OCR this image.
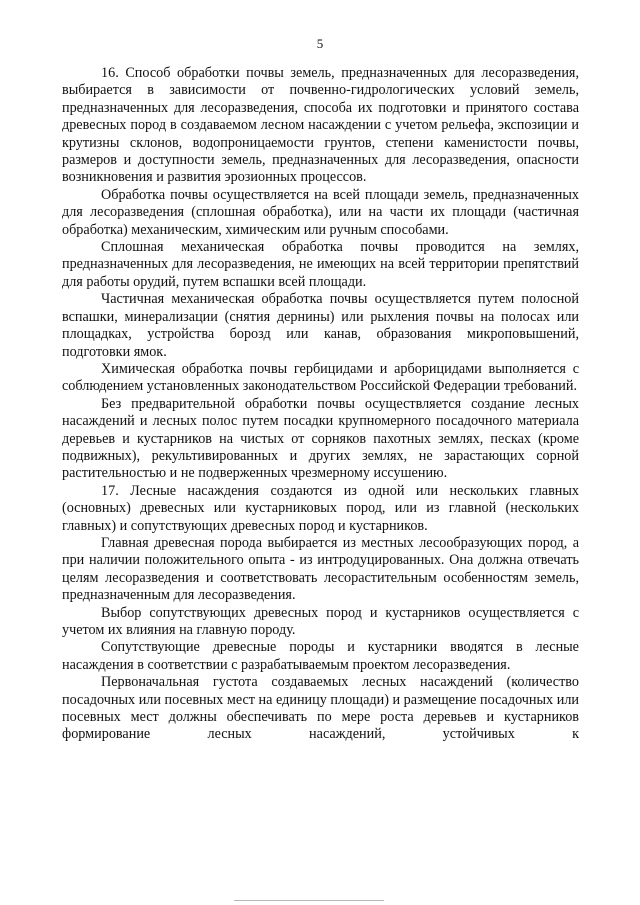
5

16. Способ обработки почвы земель, предназначенных для лесоразведения, выбирается в зависимости от почвенно-гидрологических условий земель, предназначенных для лесоразведения, способа их подготовки и принятого состава древесных пород в создаваемом лесном насаждении с учетом рельефа, экспозиции и крутизны склонов, водопроницаемости грунтов, степени каменистости почвы, размеров и доступности земель, предназначенных для лесоразведения, опасности возникновения и развития эрозионных процессов.

Обработка почвы осуществляется на всей площади земель, предназначенных для лесоразведения (сплошная обработка), или на части их площади (частичная обработка) механическим, химическим или ручным способами.

Сплошная механическая обработка почвы проводится на землях, предназначенных для лесоразведения, не имеющих на всей территории препятствий для работы орудий, путем вспашки всей площади.

Частичная механическая обработка почвы осуществляется путем полосной вспашки, минерализации (снятия дернины) или рыхления почвы на полосах или площадках, устройства борозд или канав, образования микроповышений, подготовки ямок.

Химическая обработка почвы гербицидами и арборицидами выполняется с соблюдением установленных законодательством Российской Федерации требований.

Без предварительной обработки почвы осуществляется создание лесных насаждений и лесных полос путем посадки крупномерного посадочного материала деревьев и кустарников на чистых от сорняков пахотных землях, песках (кроме подвижных), рекультивированных и других землях, не зарастающих сорной растительностью и не подверженных чрезмерному иссушению.

17. Лесные насаждения создаются из одной или нескольких главных (основных) древесных или кустарниковых пород, или из главной (нескольких главных) и сопутствующих древесных пород и кустарников.

Главная древесная порода выбирается из местных лесообразующих пород, а при наличии положительного опыта - из интродуцированных. Она должна отвечать целям лесоразведения и соответствовать лесорастительным особенностям земель, предназначенным для лесоразведения.

Выбор сопутствующих древесных пород и кустарников осуществляется с учетом их влияния на главную породу.

Сопутствующие древесные породы и кустарники вводятся в лесные насаждения в соответствии с разрабатываемым проектом лесоразведения.

Первоначальная густота создаваемых лесных насаждений (количество посадочных или посевных мест на единицу площади) и размещение посадочных или посевных мест должны обеспечивать по мере роста деревьев и кустарников формирование лесных насаждений, устойчивых к
